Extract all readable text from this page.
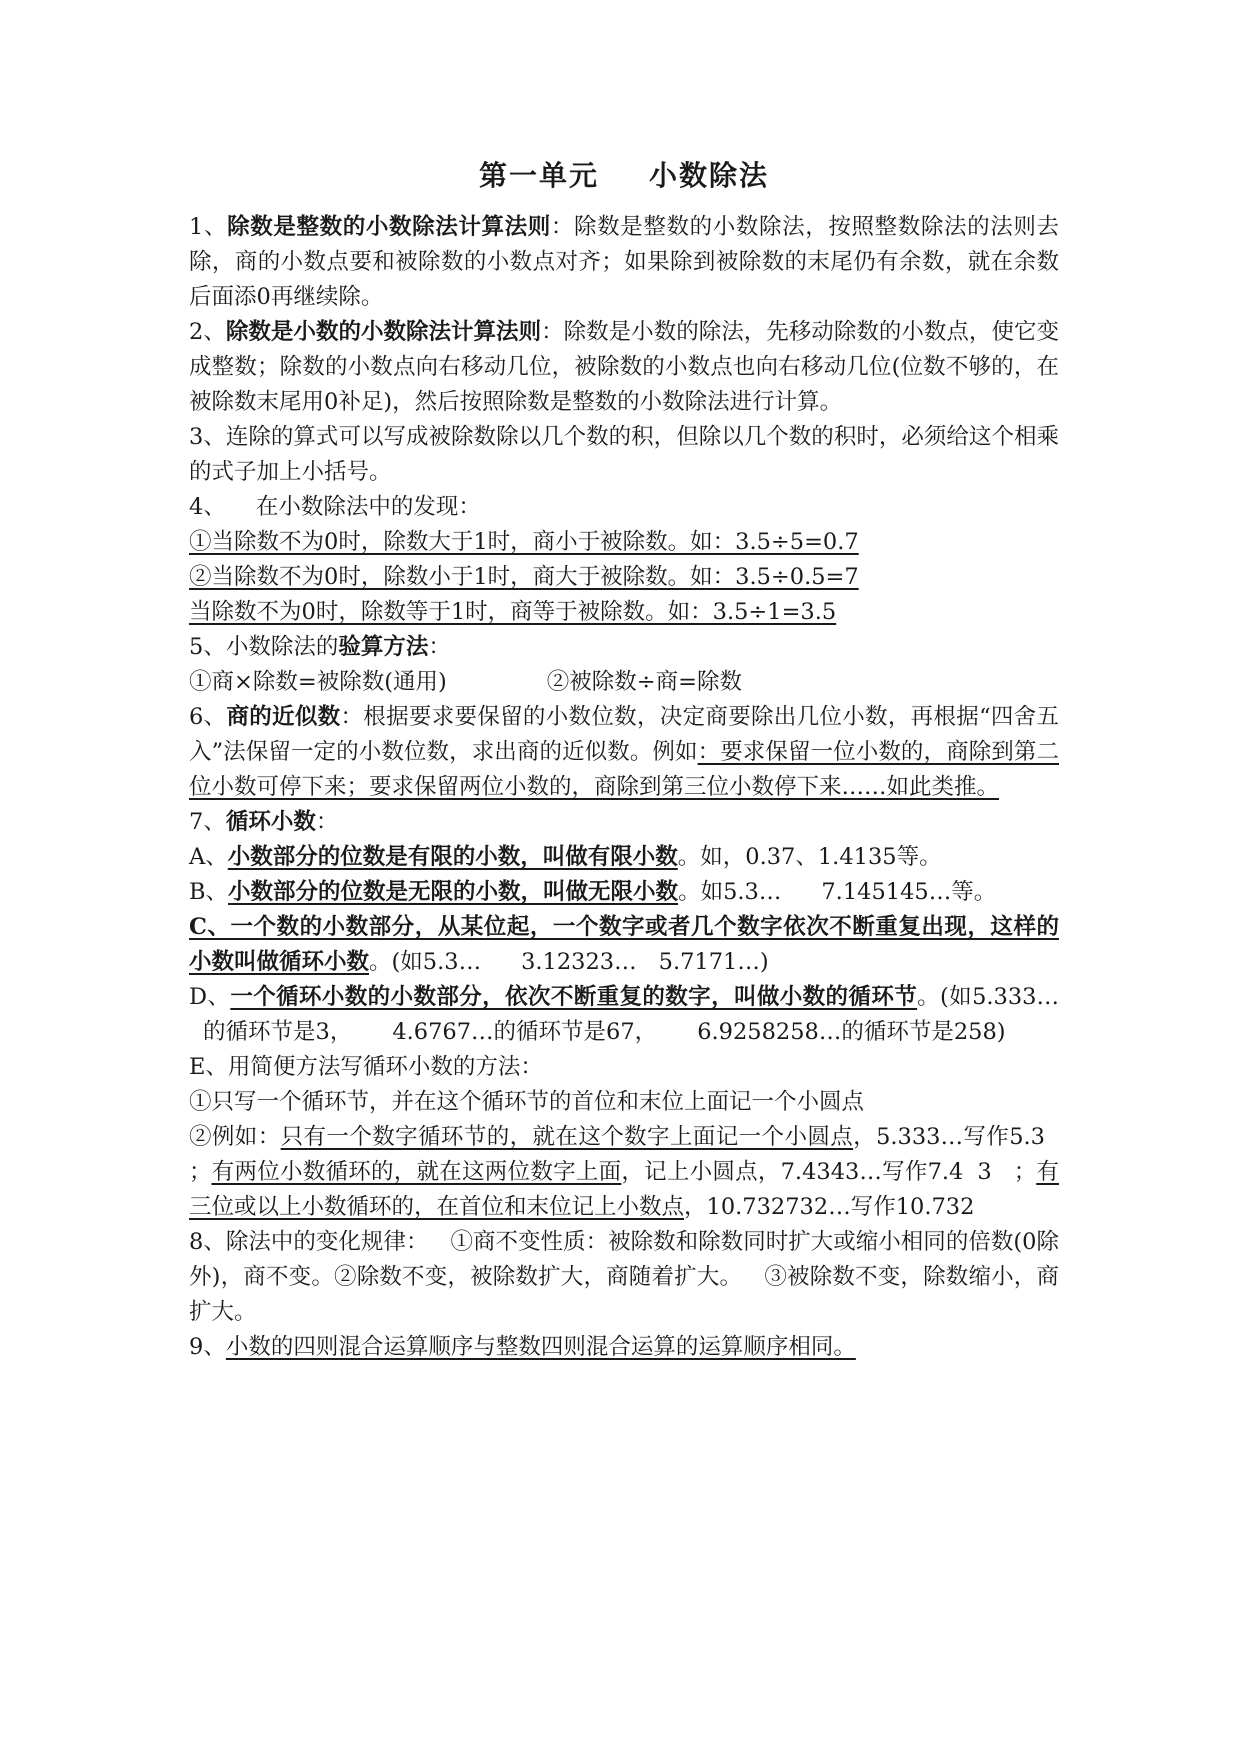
第一单元 小数除法

1、除数是整数的小数除法计算法则：除数是整数的小数除法，按照整数除法的法则去除，商的小数点要和被除数的小数点对齐；如果除到被除数的末尾仍有余数，就在余数后面添0再继续除。

2、除数是小数的小数除法计算法则：除数是小数的除法，先移动除数的小数点，使它变成整数；除数的小数点向右移动几位，被除数的小数点也向右移动几位(位数不够的，在被除数末尾用0补足)，然后按照除数是整数的小数除法进行计算。

3、连除的算式可以写成被除数除以几个数的积，但除以几个数的积时，必须给这个相乘的式子加上小括号。

4、 在小数除法中的发现：

①当除数不为0时，除数大于1时，商小于被除数。如：3.5÷5=0.7

②当除数不为0时，除数小于1时，商大于被除数。如：3.5÷0.5=7

当除数不为0时，除数等于1时，商等于被除数。如：3.5÷1=3.5

5、小数除法的验算方法：

①商×除数=被除数(通用)	②被除数÷商=除数

6、商的近似数：根据要求要保留的小数位数，决定商要除出几位小数，再根据“四舍五入”法保留一定的小数位数，求出商的近似数。例如：要求保留一位小数的，商除到第二位小数可停下来；要求保留两位小数的，商除到第三位小数停下来……如此类推。

7、循环小数：

A、小数部分的位数是有限的小数，叫做有限小数。如，0.37、1.4135等。

B、小数部分的位数是无限的小数，叫做无限小数。如5.3… 7.145145…等。

C、一个数的小数部分，从某位起，一个数字或者几个数字依次不断重复出现，这样的小数叫做循环小数。(如5.3… 3.12323… 5.7171…)

D、一个循环小数的小数部分，依次不断重复的数字，叫做小数的循环节。(如5.333…的循环节是3， 4.6767…的循环节是67， 6.9258258…的循环节是258)

E、用简便方法写循环小数的方法：

①只写一个循环节，并在这个循环节的首位和末位上面记一个小圆点

②例如：只有一个数字循环节的，就在这个数字上面记一个小圆点，5.333…写作5.3；有两位小数循环的，就在这两位数字上面，记上小圆点，7.4343…写作7.4 3 ；有三位或以上小数循环的，在首位和末位记上小数点，10.732732…写作10.732

8、除法中的变化规律： ①商不变性质：被除数和除数同时扩大或缩小相同的倍数(0除外)，商不变。②除数不变，被除数扩大，商随着扩大。 ③被除数不变，除数缩小，商扩大。

9、小数的四则混合运算顺序与整数四则混合运算的运算顺序相同。
